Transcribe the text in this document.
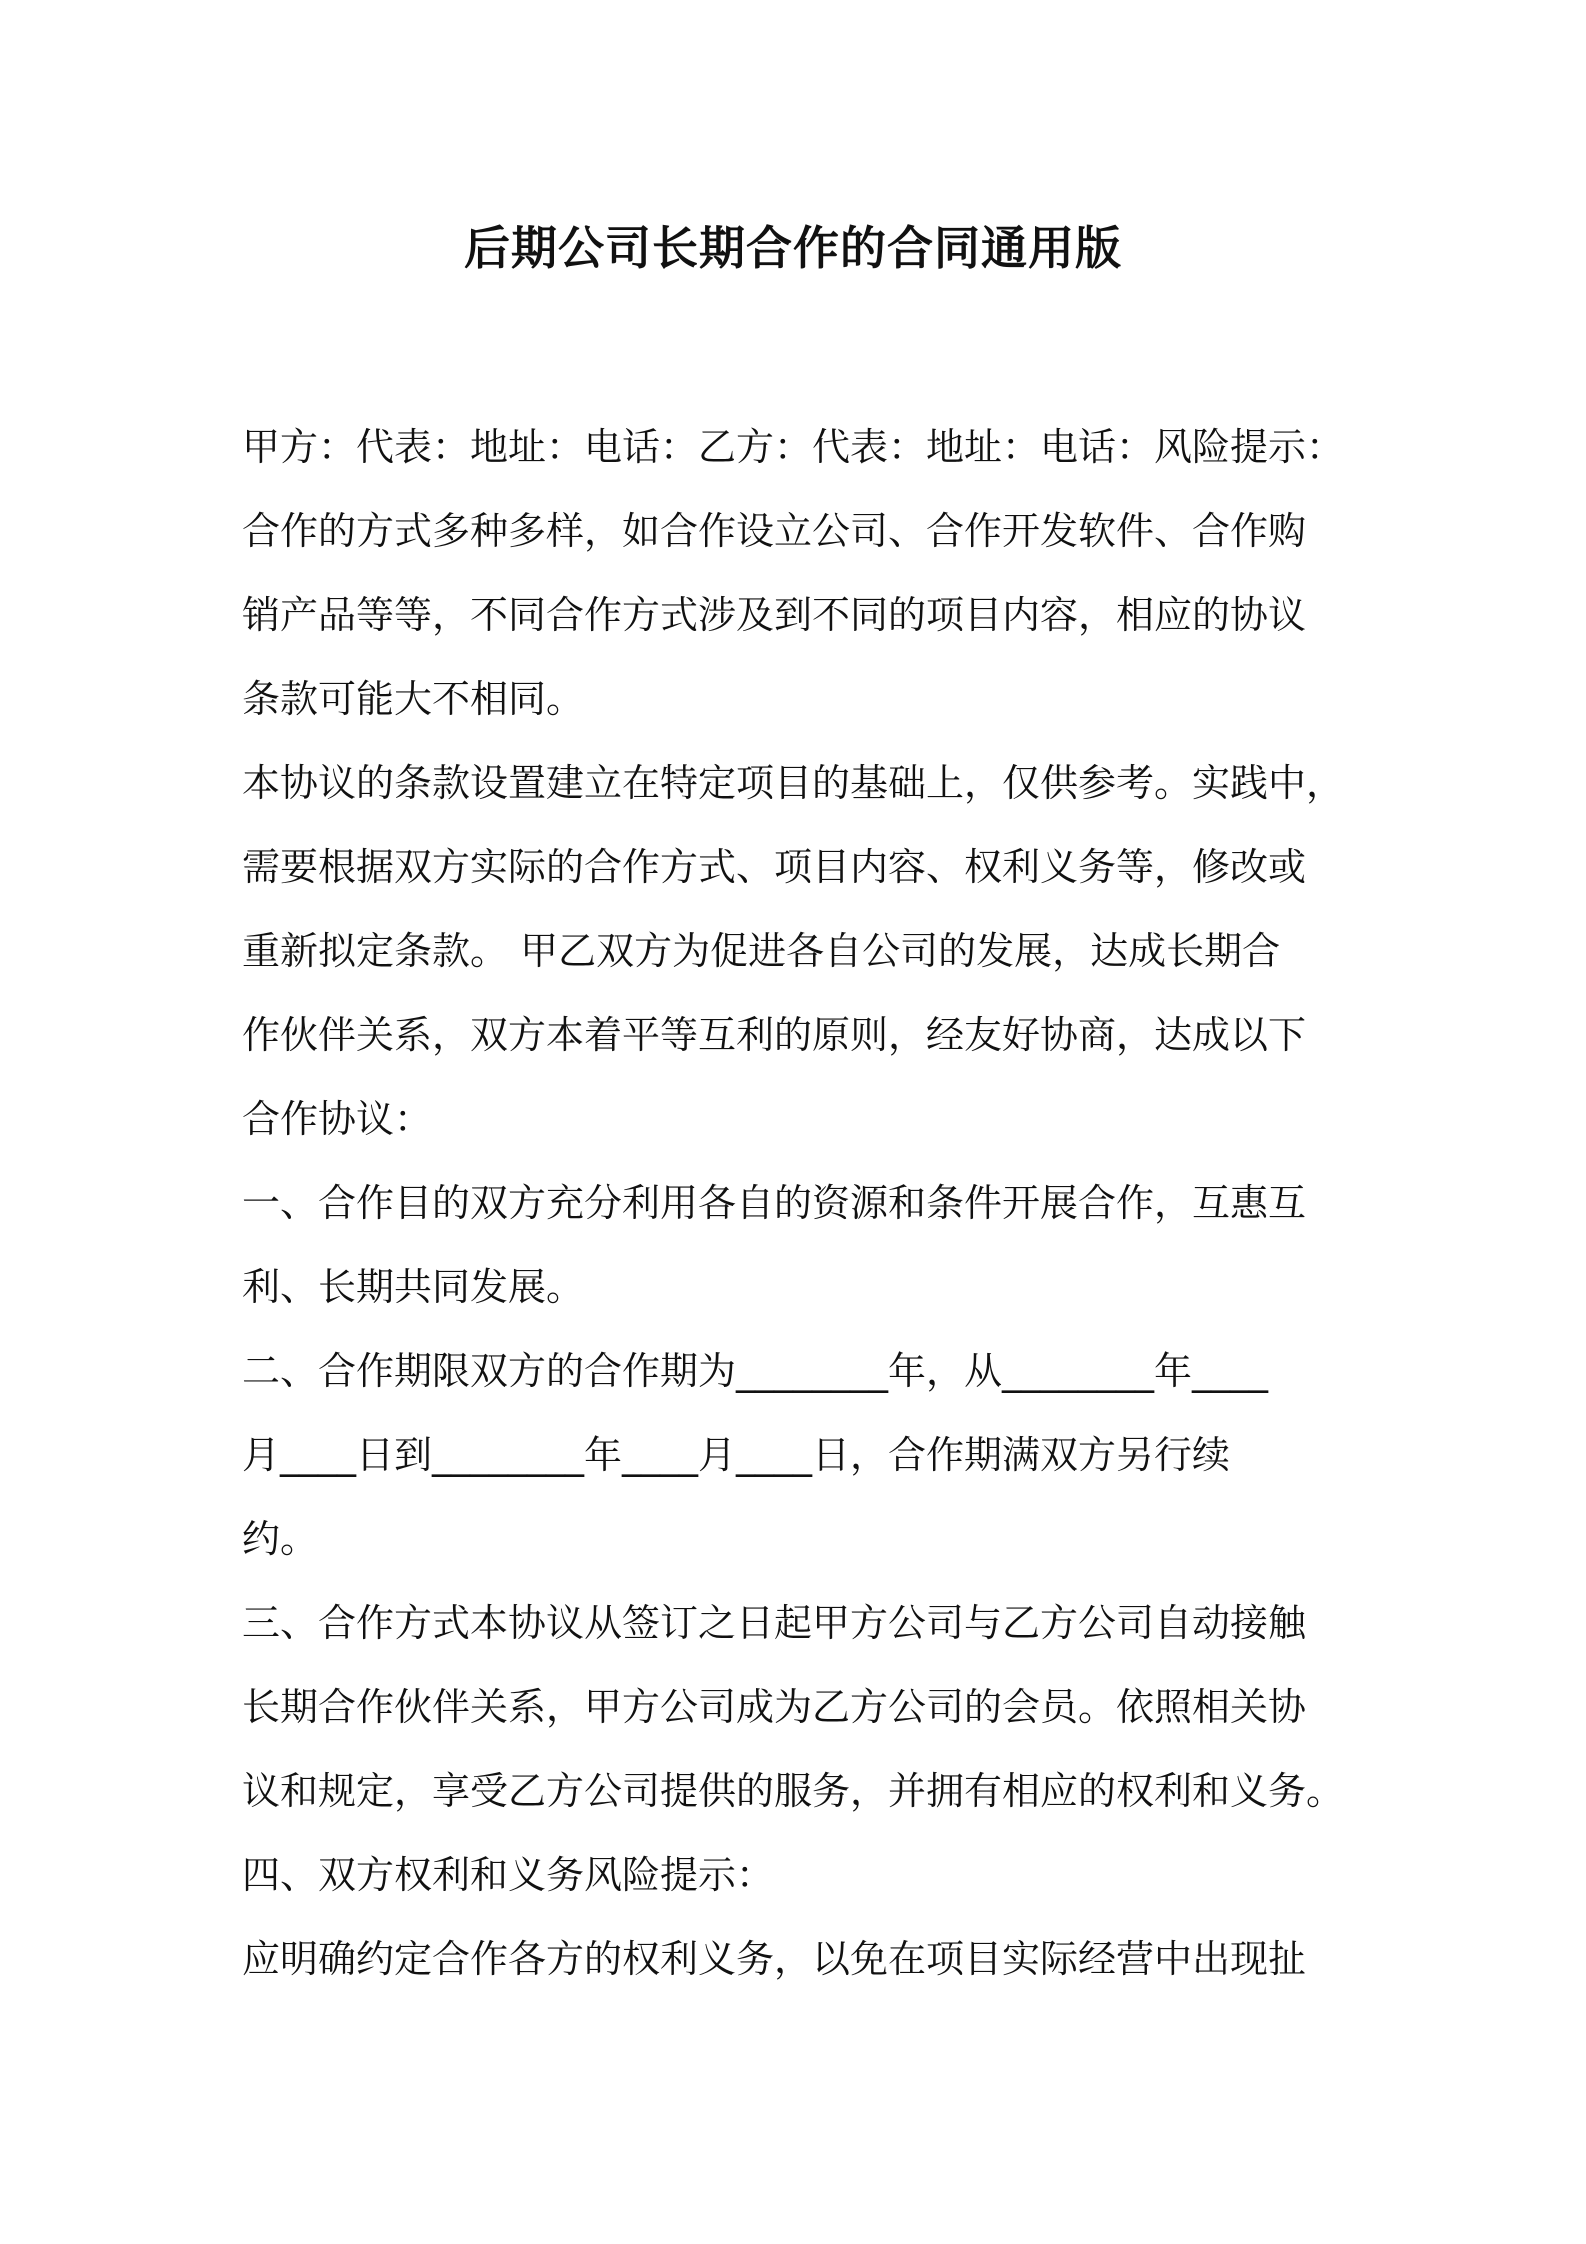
后期公司长期合作的合同通用版
甲方：代表：地址：电话：乙方：代表：地址：电话：风险提示：
合作的方式多种多样，如合作设立公司、合作开发软件、合作购
销产品等等，不同合作方式涉及到不同的项目内容，相应的协议
条款可能大不相同。
本协议的条款设置建立在特定项目的基础上，仅供参考。实践中，
需要根据双方实际的合作方式、项目内容、权利义务等，修改或
重新拟定条款。 甲乙双方为促进各自公司的发展，达成长期合
作伙伴关系，双方本着平等互利的原则，经友好协商，达成以下
合作协议：
一、合作目的双方充分利用各自的资源和条件开展合作，互惠互
利、长期共同发展。
二、合作期限双方的合作期为________年，从________年____
月____日到________年____月____日，合作期满双方另行续
约。
三、合作方式本协议从签订之日起甲方公司与乙方公司自动接触
长期合作伙伴关系，甲方公司成为乙方公司的会员。依照相关协
议和规定，享受乙方公司提供的服务，并拥有相应的权利和义务。
四、双方权利和义务风险提示：
应明确约定合作各方的权利义务，以免在项目实际经营中出现扯
